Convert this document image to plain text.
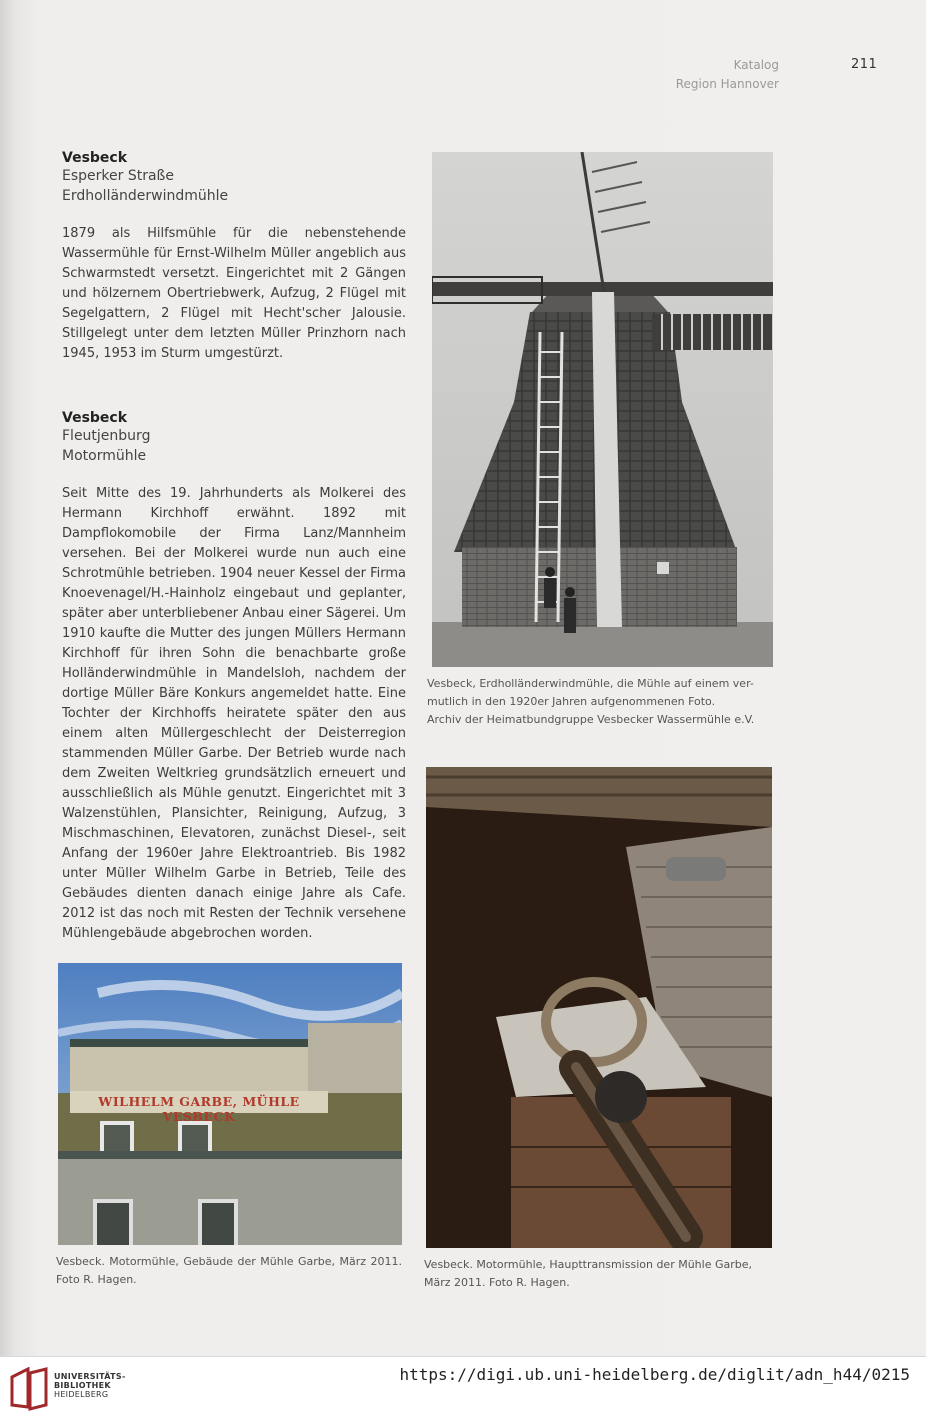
Katalog
Region Hannover
211
Vesbeck
Esperker Straße
Erdholländerwindmühle
1879 als Hilfsmühle für die nebenstehende Wassermühle für Ernst-Wilhelm Müller angeblich aus Schwarmstedt versetzt. Eingerichtet mit 2 Gängen und hölzernem Obertriebwerk, Aufzug, 2 Flügel mit Segelgattern, 2 Flügel mit Hecht'scher Jalousie. Stillgelegt unter dem letzten Müller Prinzhorn nach 1945, 1953 im Sturm umgestürzt.
Vesbeck
Fleutjenburg
Motormühle
Seit Mitte des 19. Jahrhunderts als Molkerei des Hermann Kirchhoff erwähnt. 1892 mit Dampflokomobile der Firma Lanz/Mannheim versehen. Bei der Molkerei wurde nun auch eine Schrotmühle betrieben. 1904 neuer Kessel der Firma Knoevenagel/H.-Hainholz eingebaut und geplanter, später aber unterbliebener Anbau einer Sägerei. Um 1910 kaufte die Mutter des jungen Müllers Hermann Kirchhoff für ihren Sohn die benachbarte große Holländerwindmühle in Mandelsloh, nachdem der dortige Müller Bäre Konkurs angemeldet hatte. Eine Tochter der Kirchhoffs heiratete später den aus einem alten Müllergeschlecht der Deisterregion stammenden Müller Garbe. Der Betrieb wurde nach dem Zweiten Weltkrieg grundsätzlich erneuert und ausschließlich als Mühle genutzt. Eingerichtet mit 3 Walzenstühlen, Plansichter, Reinigung, Aufzug, 3 Mischmaschinen, Elevatoren, zunächst Diesel-, seit Anfang der 1960er Jahre Elektroantrieb. Bis 1982 unter Müller Wilhelm Garbe in Betrieb, Teile des Gebäudes dienten danach einige Jahre als Cafe. 2012 ist das noch mit Resten der Technik versehene Mühlengebäude abgebrochen worden.
Vesbeck, Erdholländerwindmühle, die Mühle auf einem ver-
mutlich in den 1920er Jahren aufgenommenen Foto.
Archiv der Heimatbundgruppe Vesbecker Wassermühle e.V.
Vesbeck. Motormühle, Haupttransmission der Mühle Garbe, März 2011. Foto R. Hagen.
WILHELM GARBE, MÜHLE VESBECK
Vesbeck. Motormühle, Gebäude der Mühle Garbe, März 2011. Foto R. Hagen.
UNIVERSITÄTS-
BIBLIOTHEK
HEIDELBERG
https://digi.ub.uni-heidelberg.de/diglit/adn_h44/0215
